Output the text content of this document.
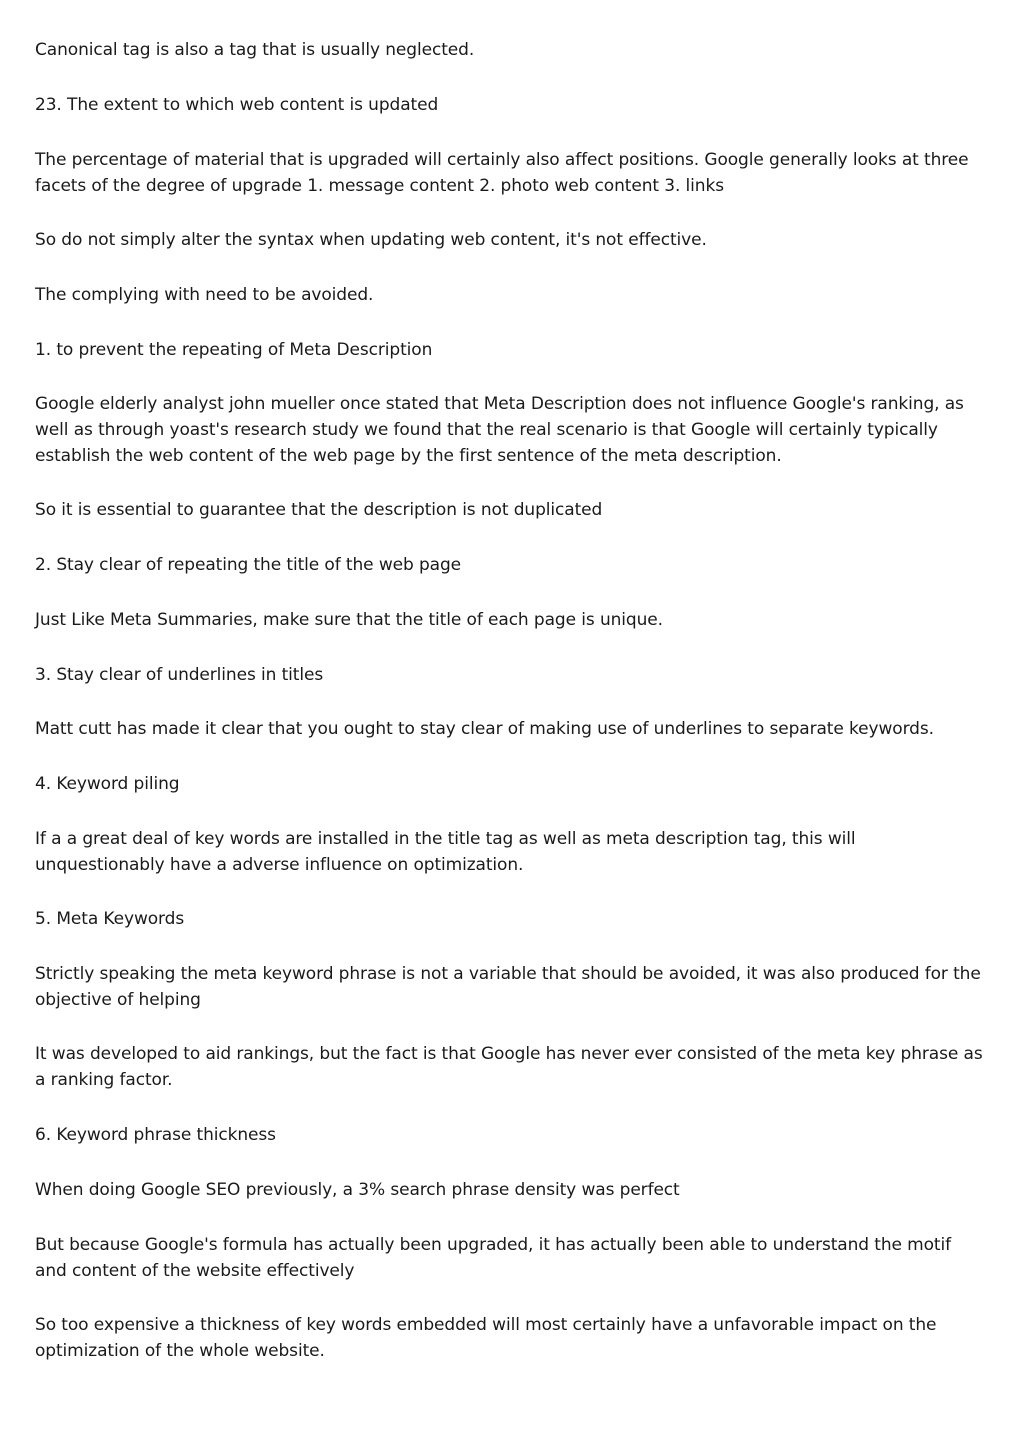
Canonical tag is also a tag that is usually neglected.

23. The extent to which web content is updated

The percentage of material that is upgraded will certainly also affect positions. Google generally looks at three facets of the degree of upgrade 1. message content 2. photo web content 3. links

So do not simply alter the syntax when updating web content, it's not effective.

The complying with need to be avoided.

1. to prevent the repeating of Meta Description

Google elderly analyst john mueller once stated that Meta Description does not influence Google's ranking, as well as through yoast's research study we found that the real scenario is that Google will certainly typically establish the web content of the web page by the first sentence of the meta description.

So it is essential to guarantee that the description is not duplicated

2. Stay clear of repeating the title of the web page

Just Like Meta Summaries, make sure that the title of each page is unique.

3. Stay clear of underlines in titles

Matt cutt has made it clear that you ought to stay clear of making use of underlines to separate keywords.

4. Keyword piling

If a a great deal of key words are installed in the title tag as well as meta description tag, this will unquestionably have a adverse influence on optimization.

5. Meta Keywords

Strictly speaking the meta keyword phrase is not a variable that should be avoided, it was also produced for the objective of helping

It was developed to aid rankings, but the fact is that Google has never ever consisted of the meta key phrase as a ranking factor.

6. Keyword phrase thickness

When doing Google SEO previously, a 3% search phrase density was perfect

But because Google's formula has actually been upgraded, it has actually been able to understand the motif and content of the website effectively

So too expensive a thickness of key words embedded will most certainly have a unfavorable impact on the optimization of the whole website.
